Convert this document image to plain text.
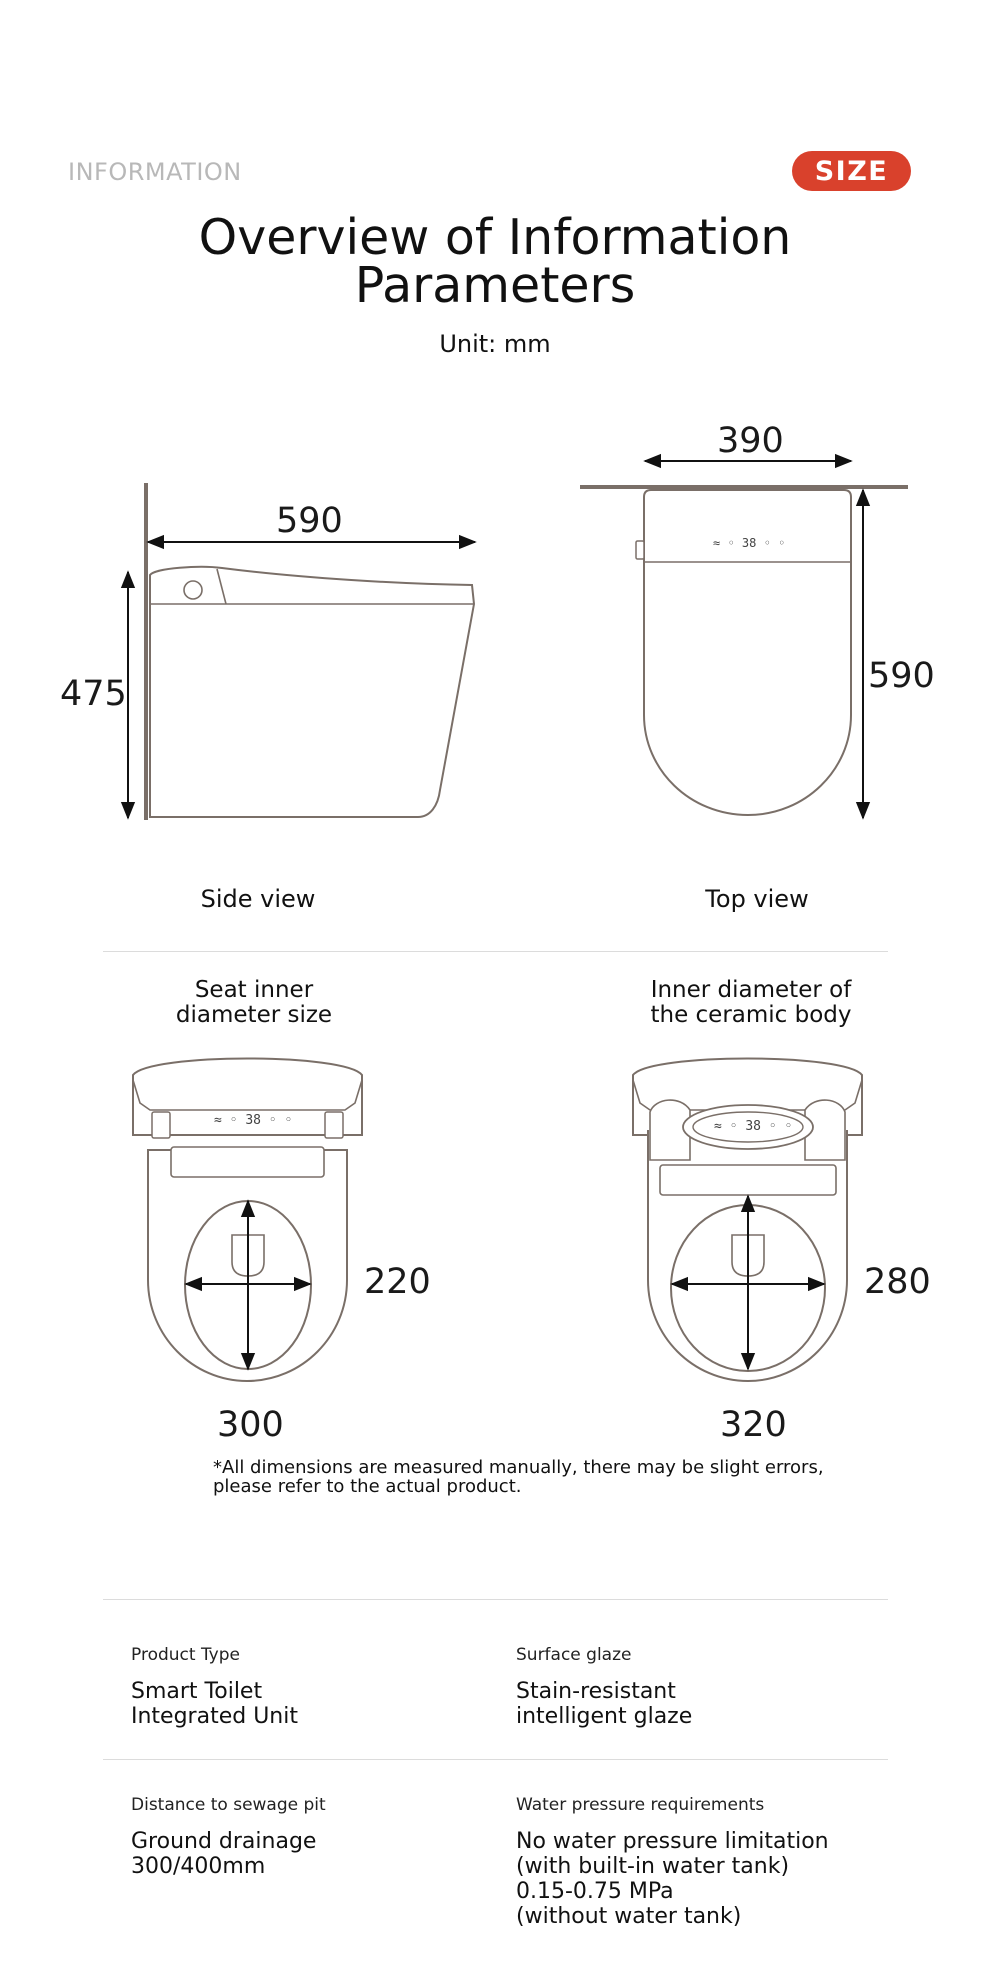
INFORMATION	SIZE
Overview of Information
Parameters
Unit: mm
≈ ◦ 38 ◦ ◦
≈ ◦ 38 ◦ ◦	≈ ◦ 38 ◦ ◦
590
475
390
590
Side view	Top view
Seat inner
diameter size
Inner diameter of
the ceramic body
220
300
280
320
*All dimensions are measured manually, there may be slight errors,
please refer to the actual product.
Product Type
Smart Toilet
Integrated Unit
Surface glaze
Stain-resistant
intelligent glaze
Distance to sewage pit
Ground drainage
300/400mm
Water pressure requirements
No water pressure limitation
(with built-in water tank)
0.15-0.75 MPa
(without water tank)
